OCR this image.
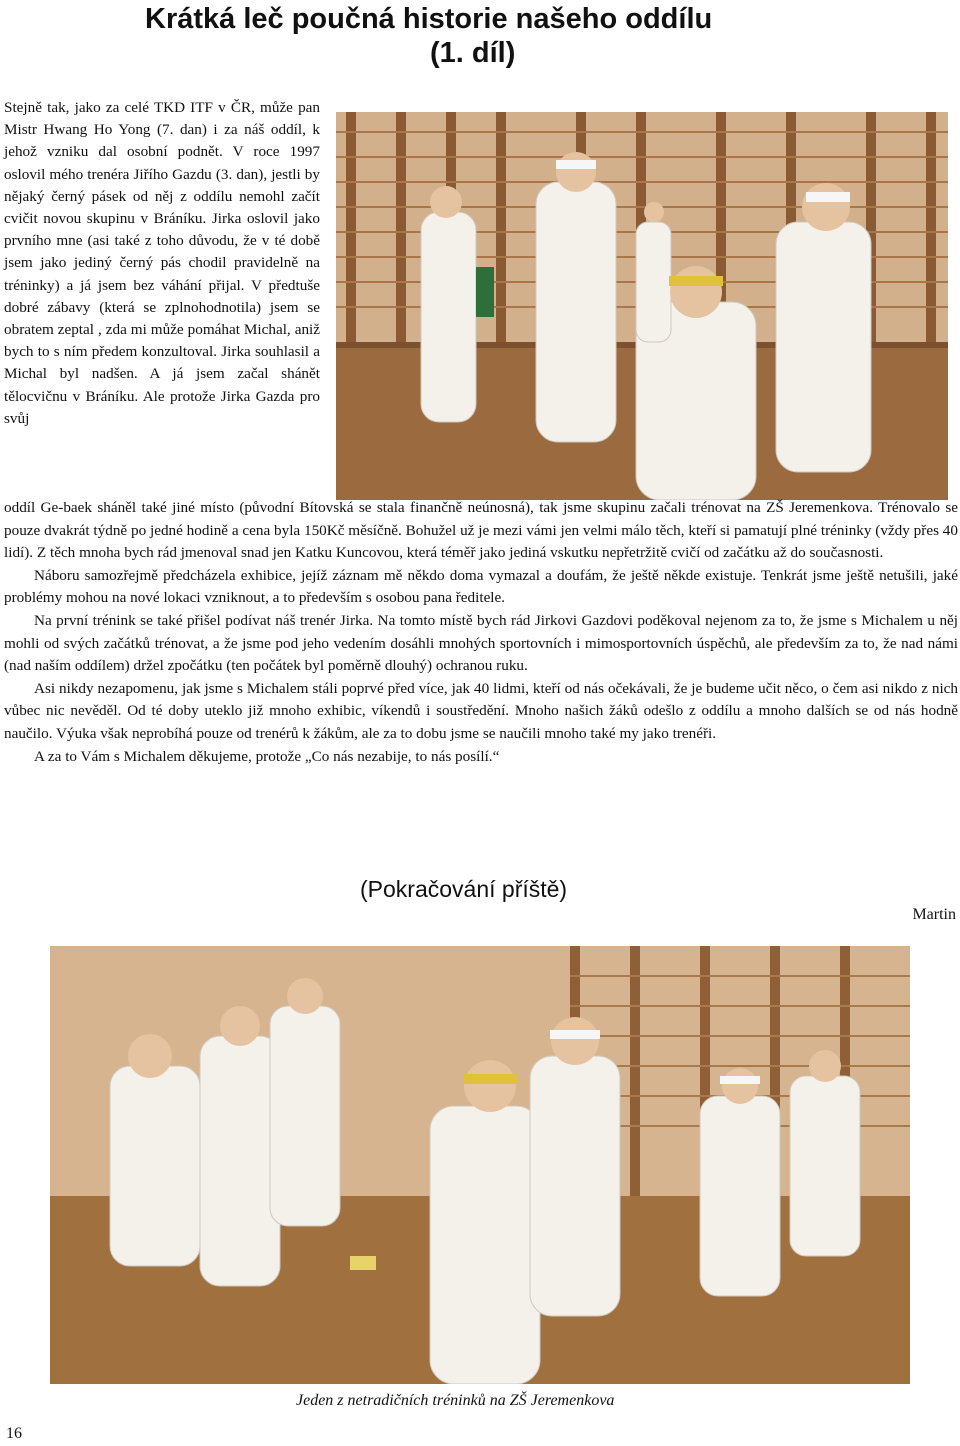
Krátká leč poučná historie našeho oddílu
(1. díl)
Stejně tak, jako za celé TKD ITF v ČR, může pan Mistr Hwang Ho Yong (7. dan) i za náš oddíl, k jehož vzniku dal osobní podnět. V roce 1997 oslovil mého trenéra Jiřího Gazdu (3. dan), jestli by nějaký černý pásek od něj z oddílu nemohl začít cvičit novou skupinu v Bráníku. Jirka oslovil jako prvního mne (asi také z toho důvodu, že v té době jsem jako jediný černý pás chodil pravidelně na tréninky) a já jsem bez váhání přijal. V předtuše dobré zábavy (která se zplnohodnotila) jsem se obratem zeptal , zda mi může pomáhat Michal, aniž bych to s ním předem konzultoval. Jirka souhlasil a Michal byl nadšen. A já jsem začal shánět tělocvičnu v Bráníku. Ale protože Jirka Gazda pro svůj

oddíl Ge-baek sháněl také jiné místo (původní Bítovská se stala finančně neúnosná), tak jsme skupinu začali trénovat na ZŠ Jeremenkova. Trénovalo se pouze dvakrát týdně po jedné hodině a cena byla 150Kč měsíčně. Bohužel už je mezi vámi jen velmi málo těch, kteří si pamatují plné tréninky (vždy přes 40 lidí). Z těch mnoha bych rád jmenoval snad jen Katku Kuncovou, která téměř jako jediná vskutku nepřetržitě cvičí od začátku až do současnosti.

Náboru samozřejmě předcházela exhibice, jejíž záznam mě někdo doma vymazal a doufám, že ještě někde existuje. Tenkrát jsme ještě netušili, jaké problémy mohou na nové lokaci vzniknout, a to především s osobou pana ředitele.

Na první trénink se také přišel podívat náš trenér Jirka. Na tomto místě bych rád Jirkovi Gazdovi poděkoval nejenom za to, že jsme s Michalem u něj mohli od svých začátků trénovat, a že jsme pod jeho vedením dosáhli mnohých sportovních i mimosportovních úspěchů, ale především za to, že nad námi (nad naším oddílem) držel zpočátku (ten počátek byl poměrně dlouhý) ochranou ruku.

Asi nikdy nezapomenu, jak jsme s Michalem stáli poprvé před více, jak 40 lidmi, kteří od nás očekávali, že je budeme učit něco, o čem asi nikdo z nich vůbec nic nevěděl. Od té doby uteklo již mnoho exhibic, víkendů i soustředění. Mnoho našich žáků odešlo z oddílu a mnoho dalších se od nás hodně naučilo. Výuka však neprobíhá pouze od trenérů k žákům, ale za to dobu jsme se naučili mnoho také my jako trenéři.

A za to Vám s Michalem děkujeme, protože „Co nás nezabije, to nás posílí.“

(Pokračování příště)
Martin
Jeden z netradičních tréninků na ZŠ Jeremenkova
16
